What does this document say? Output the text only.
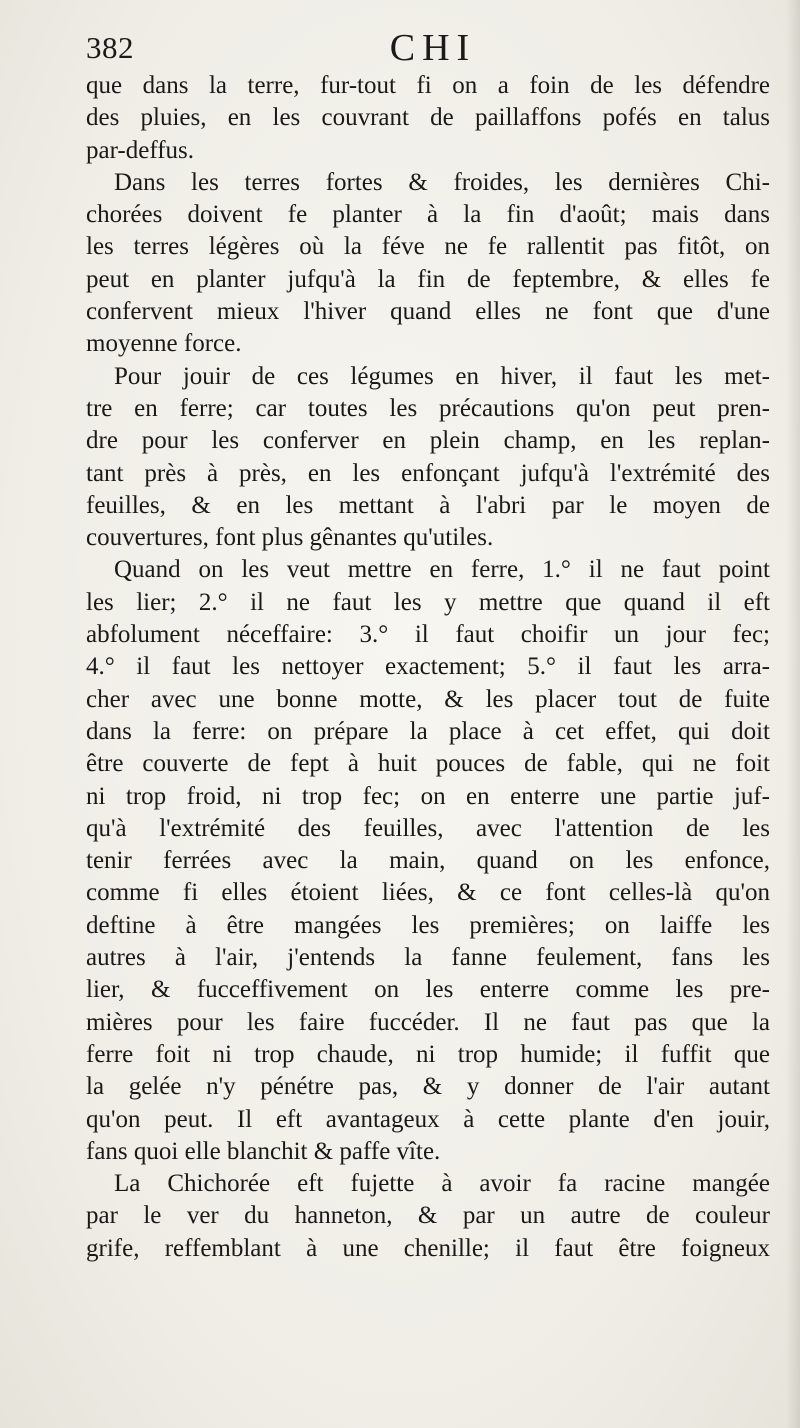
382	CHI
que dans la terre, fur-tout fi on a foin de les défendre
des pluies, en les couvrant de paillaffons pofés en talus
par-deffus.
Dans les terres fortes & froides, les dernières Chi-
chorées doivent fe planter à la fin d'août; mais dans
les terres légères où la féve ne fe rallentit pas fitôt, on
peut en planter jufqu'à la fin de feptembre, & elles fe
confervent mieux l'hiver quand elles ne font que d'une
moyenne force.
Pour jouir de ces légumes en hiver, il faut les met-
tre en ferre; car toutes les précautions qu'on peut pren-
dre pour les conferver en plein champ, en les replan-
tant près à près, en les enfonçant jufqu'à l'extrémité des
feuilles, & en les mettant à l'abri par le moyen de
couvertures, font plus gênantes qu'utiles.
Quand on les veut mettre en ferre, 1.° il ne faut point
les lier; 2.° il ne faut les y mettre que quand il eft
abfolument néceffaire: 3.° il faut choifir un jour fec;
4.° il faut les nettoyer exactement; 5.° il faut les arra-
cher avec une bonne motte, & les placer tout de fuite
dans la ferre: on prépare la place à cet effet, qui doit
être couverte de fept à huit pouces de fable, qui ne foit
ni trop froid, ni trop fec; on en enterre une partie juf-
qu'à l'extrémité des feuilles, avec l'attention de les
tenir ferrées avec la main, quand on les enfonce,
comme fi elles étoient liées, & ce font celles-là qu'on
deftine à être mangées les premières; on laiffe les
autres à l'air, j'entends la fanne feulement, fans les
lier, & fucceffivement on les enterre comme les pre-
mières pour les faire fuccéder. Il ne faut pas que la
ferre foit ni trop chaude, ni trop humide; il fuffit que
la gelée n'y pénétre pas, & y donner de l'air autant
qu'on peut. Il eft avantageux à cette plante d'en jouir,
fans quoi elle blanchit & paffe vîte.
La Chichorée eft fujette à avoir fa racine mangée
par le ver du hanneton, & par un autre de couleur
grife, reffemblant à une chenille; il faut être foigneux
